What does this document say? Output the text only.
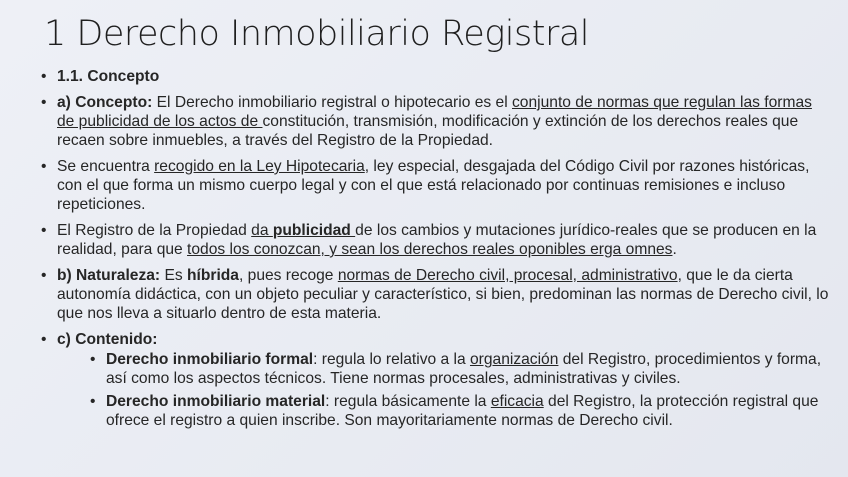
1 Derecho Inmobiliario Registral
• 1.1. Concepto
• a) Concepto: El Derecho inmobiliario registral o hipotecario es el conjunto de normas que regulan las formas de publicidad de los actos de constitución, transmisión, modificación y extinción de los derechos reales que recaen sobre inmuebles, a través del Registro de la Propiedad.
• Se encuentra recogido en la Ley Hipotecaria, ley especial, desgajada del Código Civil por razones históricas, con el que forma un mismo cuerpo legal y con el que está relacionado por continuas remisiones e incluso repeticiones.
• El Registro de la Propiedad da publicidad de los cambios y mutaciones jurídico-reales que se producen en la realidad, para que todos los conozcan, y sean los derechos reales oponibles erga omnes.
• b) Naturaleza: Es híbrida, pues recoge normas de Derecho civil, procesal, administrativo, que le da cierta autonomía didáctica, con un objeto peculiar y característico, si bien, predominan las normas de Derecho civil, lo que nos lleva a situarlo dentro de esta materia.
• c) Contenido:
• Derecho inmobiliario formal: regula lo relativo a la organización del Registro, procedimientos y forma, así como los aspectos técnicos. Tiene normas procesales, administrativas y civiles.
• Derecho inmobiliario material: regula básicamente la eficacia del Registro, la protección registral que ofrece el registro a quien inscribe. Son mayoritariamente normas de Derecho civil.
